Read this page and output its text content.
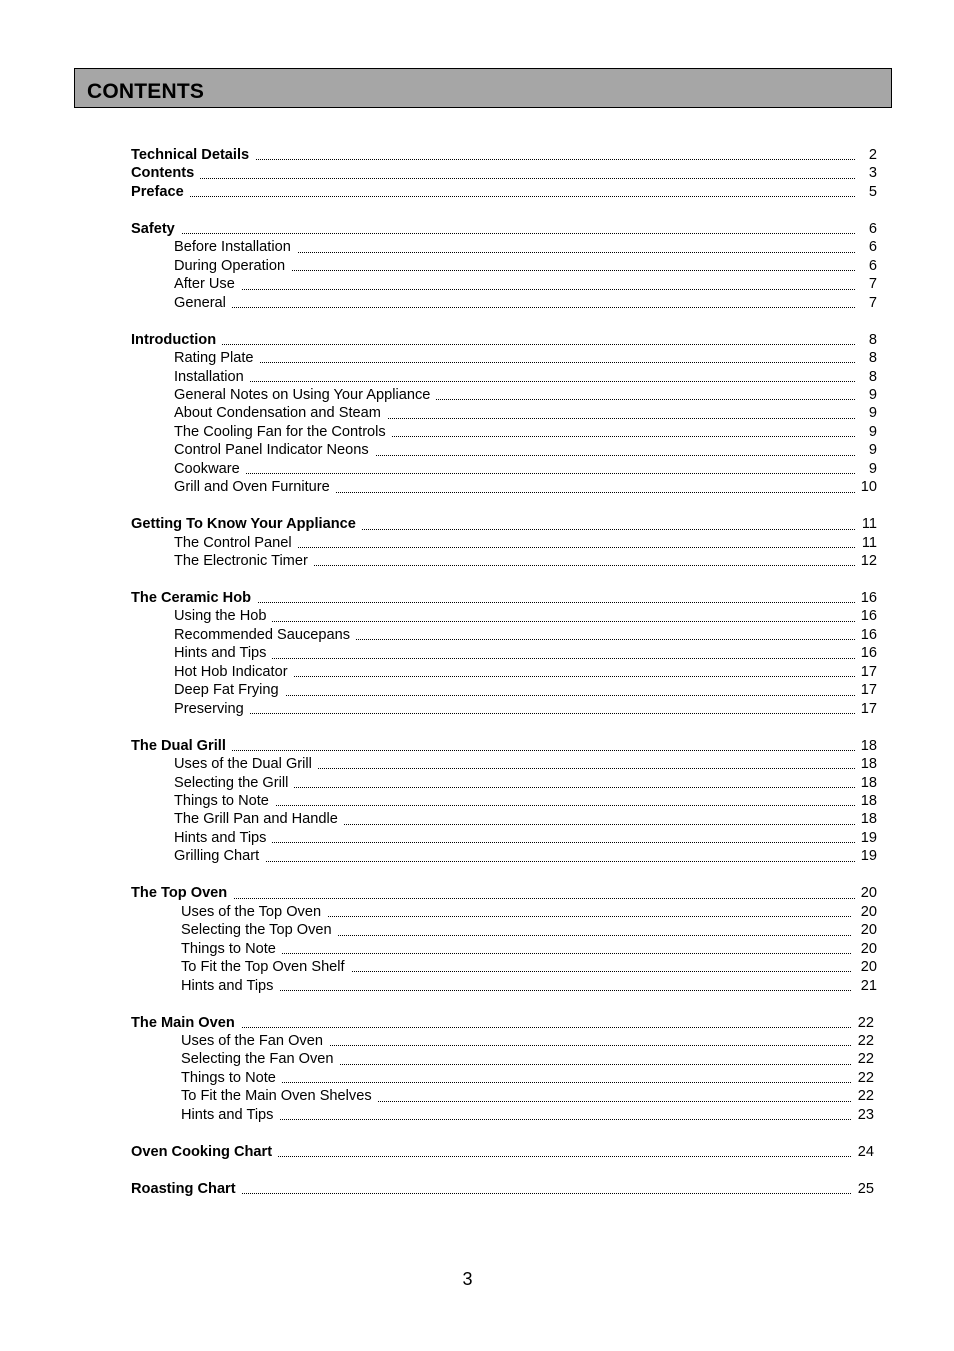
CONTENTS
Technical Details	2
Contents	3
Preface	5
Safety	6
Before Installation	6
During Operation	6
After Use	7
General	7
Introduction	8
Rating Plate	8
Installation	8
General Notes on Using Your Appliance	9
About Condensation and Steam	9
The Cooling Fan for the Controls	9
Control Panel Indicator Neons	9
Cookware	9
Grill and Oven Furniture	10
Getting To Know Your Appliance	11
The Control Panel	11
The Electronic Timer	12
The Ceramic Hob	16
Using the Hob	16
Recommended Saucepans	16
Hints and Tips	16
Hot Hob Indicator	17
Deep Fat Frying	17
Preserving	17
The Dual Grill	18
Uses of the Dual Grill	18
Selecting the Grill	18
Things to Note	18
The Grill Pan and Handle	18
Hints and Tips	19
Grilling Chart	19
The Top Oven	20
Uses of the Top Oven	20
Selecting the Top Oven	20
Things to Note	20
To Fit the Top Oven Shelf	20
Hints and Tips	21
The Main Oven	22
Uses of the Fan Oven	22
Selecting the Fan Oven	22
Things to Note	22
To Fit the Main Oven Shelves	22
Hints and Tips	23
Oven Cooking Chart	24
Roasting Chart	25
3
